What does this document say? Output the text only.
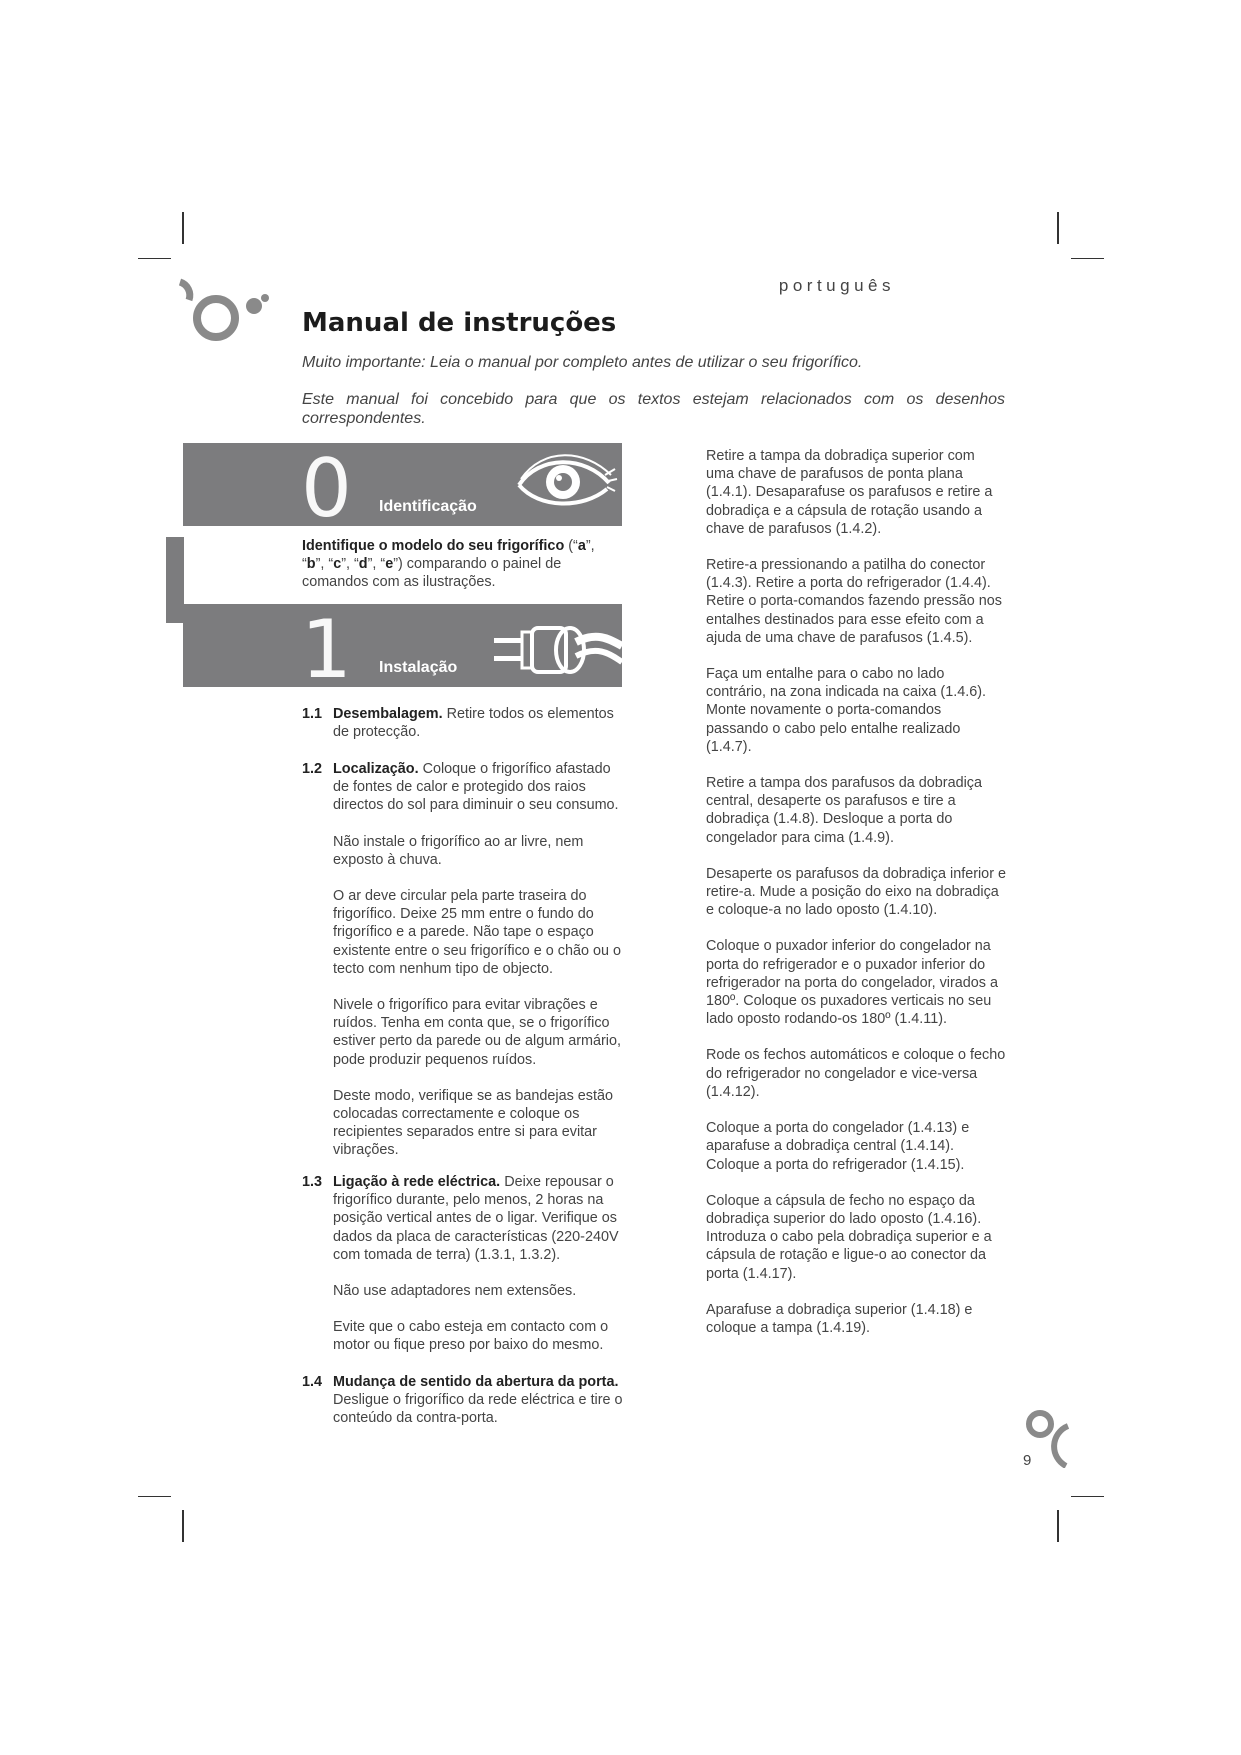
português
Manual de instruções

Muito importante: Leia o manual por completo antes de utilizar o seu frigorífico.

Este manual foi concebido para que os textos estejam relacionados com os desenhos

correspondentes.

0 Identificação

Identifique o modelo do seu frigorífico (“a”, “b”, “c”, “d”, “e”) comparando o painel de comandos com as ilustrações.

1 Instalação
1.1 Desembalagem. Retire todos os elementos de protecção.

1.2 Localização. Coloque o frigorífico afastado de fontes de calor e protegido dos raios directos do sol para diminuir o seu consumo.

Não instale o frigorífico ao ar livre, nem exposto à chuva.

O ar deve circular pela parte traseira do frigorífico. Deixe 25 mm entre o fundo do frigorífico e a parede. Não tape o espaço existente entre o seu frigorífico e o chão ou o tecto com nenhum tipo de objecto.

Nivele o frigorífico para evitar vibrações e ruídos. Tenha em conta que, se o frigorífico estiver perto da parede ou de algum armário, pode produzir pequenos ruídos.

Deste modo, verifique se as bandejas estão colocadas correctamente e coloque os recipientes separados entre si para evitar vibrações.

1.3 Ligação à rede eléctrica. Deixe repousar o frigorífico durante, pelo menos, 2 horas na posição vertical antes de o ligar. Verifique os dados da placa de características (220-240V com tomada de terra) (1.3.1, 1.3.2).

Não use adaptadores nem extensões.

Evite que o cabo esteja em contacto com o motor ou fique preso por baixo do mesmo.

1.4 Mudança de sentido da abertura da porta. Desligue o frigorífico da rede eléctrica e tire o conteúdo da contra-porta.

Retire a tampa da dobradiça superior com uma chave de parafusos de ponta plana (1.4.1). Desaparafuse os parafusos e retire a dobradiça e a cápsula de rotação usando a chave de parafusos (1.4.2).

Retire-a pressionando a patilha do conector (1.4.3). Retire a porta do refrigerador (1.4.4). Retire o porta-comandos fazendo pressão nos entalhes destinados para esse efeito com a ajuda de uma chave de parafusos (1.4.5).

Faça um entalhe para o cabo no lado contrário, na zona indicada na caixa (1.4.6). Monte novamente o porta-comandos passando o cabo pelo entalhe realizado (1.4.7).

Retire a tampa dos parafusos da dobradiça central, desaperte os parafusos e tire a dobradiça (1.4.8). Desloque a porta do congelador para cima (1.4.9).

Desaperte os parafusos da dobradiça inferior e retire-a. Mude a posição do eixo na dobradiça e coloque-a no lado oposto (1.4.10).

Coloque o puxador inferior do congelador na porta do refrigerador e o puxador inferior do refrigerador na porta do congelador, virados a 180º. Coloque os puxadores verticais no seu lado oposto rodando-os 180º (1.4.11).

Rode os fechos automáticos e coloque o fecho do refrigerador no congelador e vice-versa (1.4.12).

Coloque a porta do congelador (1.4.13) e aparafuse a dobradiça central (1.4.14). Coloque a porta do refrigerador (1.4.15).

Coloque a cápsula de fecho no espaço da dobradiça superior do lado oposto (1.4.16). Introduza o cabo pela dobradiça superior e a cápsula de rotação e ligue-o ao conector da porta (1.4.17).

Aparafuse a dobradiça superior (1.4.18) e coloque a tampa (1.4.19).

9
